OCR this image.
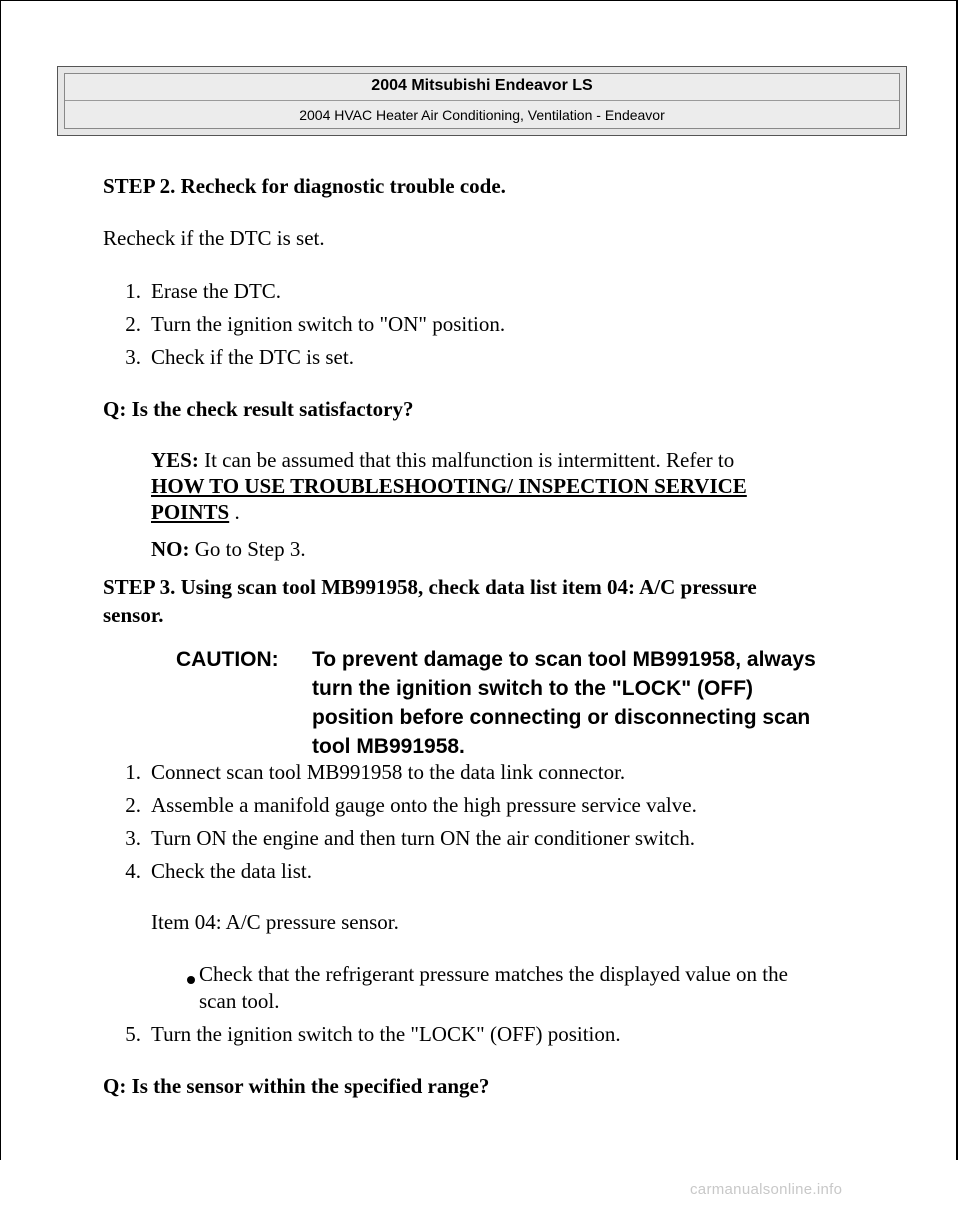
2004 Mitsubishi Endeavor LS
2004 HVAC Heater Air Conditioning, Ventilation - Endeavor
STEP 2. Recheck for diagnostic trouble code.
Recheck if the DTC is set.
1. Erase the DTC.
2. Turn the ignition switch to "ON" position.
3. Check if the DTC is set.
Q: Is the check result satisfactory?
YES: It can be assumed that this malfunction is intermittent. Refer to
HOW TO USE TROUBLESHOOTING/ INSPECTION SERVICE
POINTS .
NO: Go to Step 3.
STEP 3. Using scan tool MB991958, check data list item 04: A/C pressure
sensor.
CAUTION: To prevent damage to scan tool MB991958, always turn the ignition switch to the "LOCK" (OFF) position before connecting or disconnecting scan tool MB991958.
1. Connect scan tool MB991958 to the data link connector.
2. Assemble a manifold gauge onto the high pressure service valve.
3. Turn ON the engine and then turn ON the air conditioner switch.
4. Check the data list.
Item 04: A/C pressure sensor.
Check that the refrigerant pressure matches the displayed value on the
scan tool.
5. Turn the ignition switch to the "LOCK" (OFF) position.
Q: Is the sensor within the specified range?
carmanualsonline.info
